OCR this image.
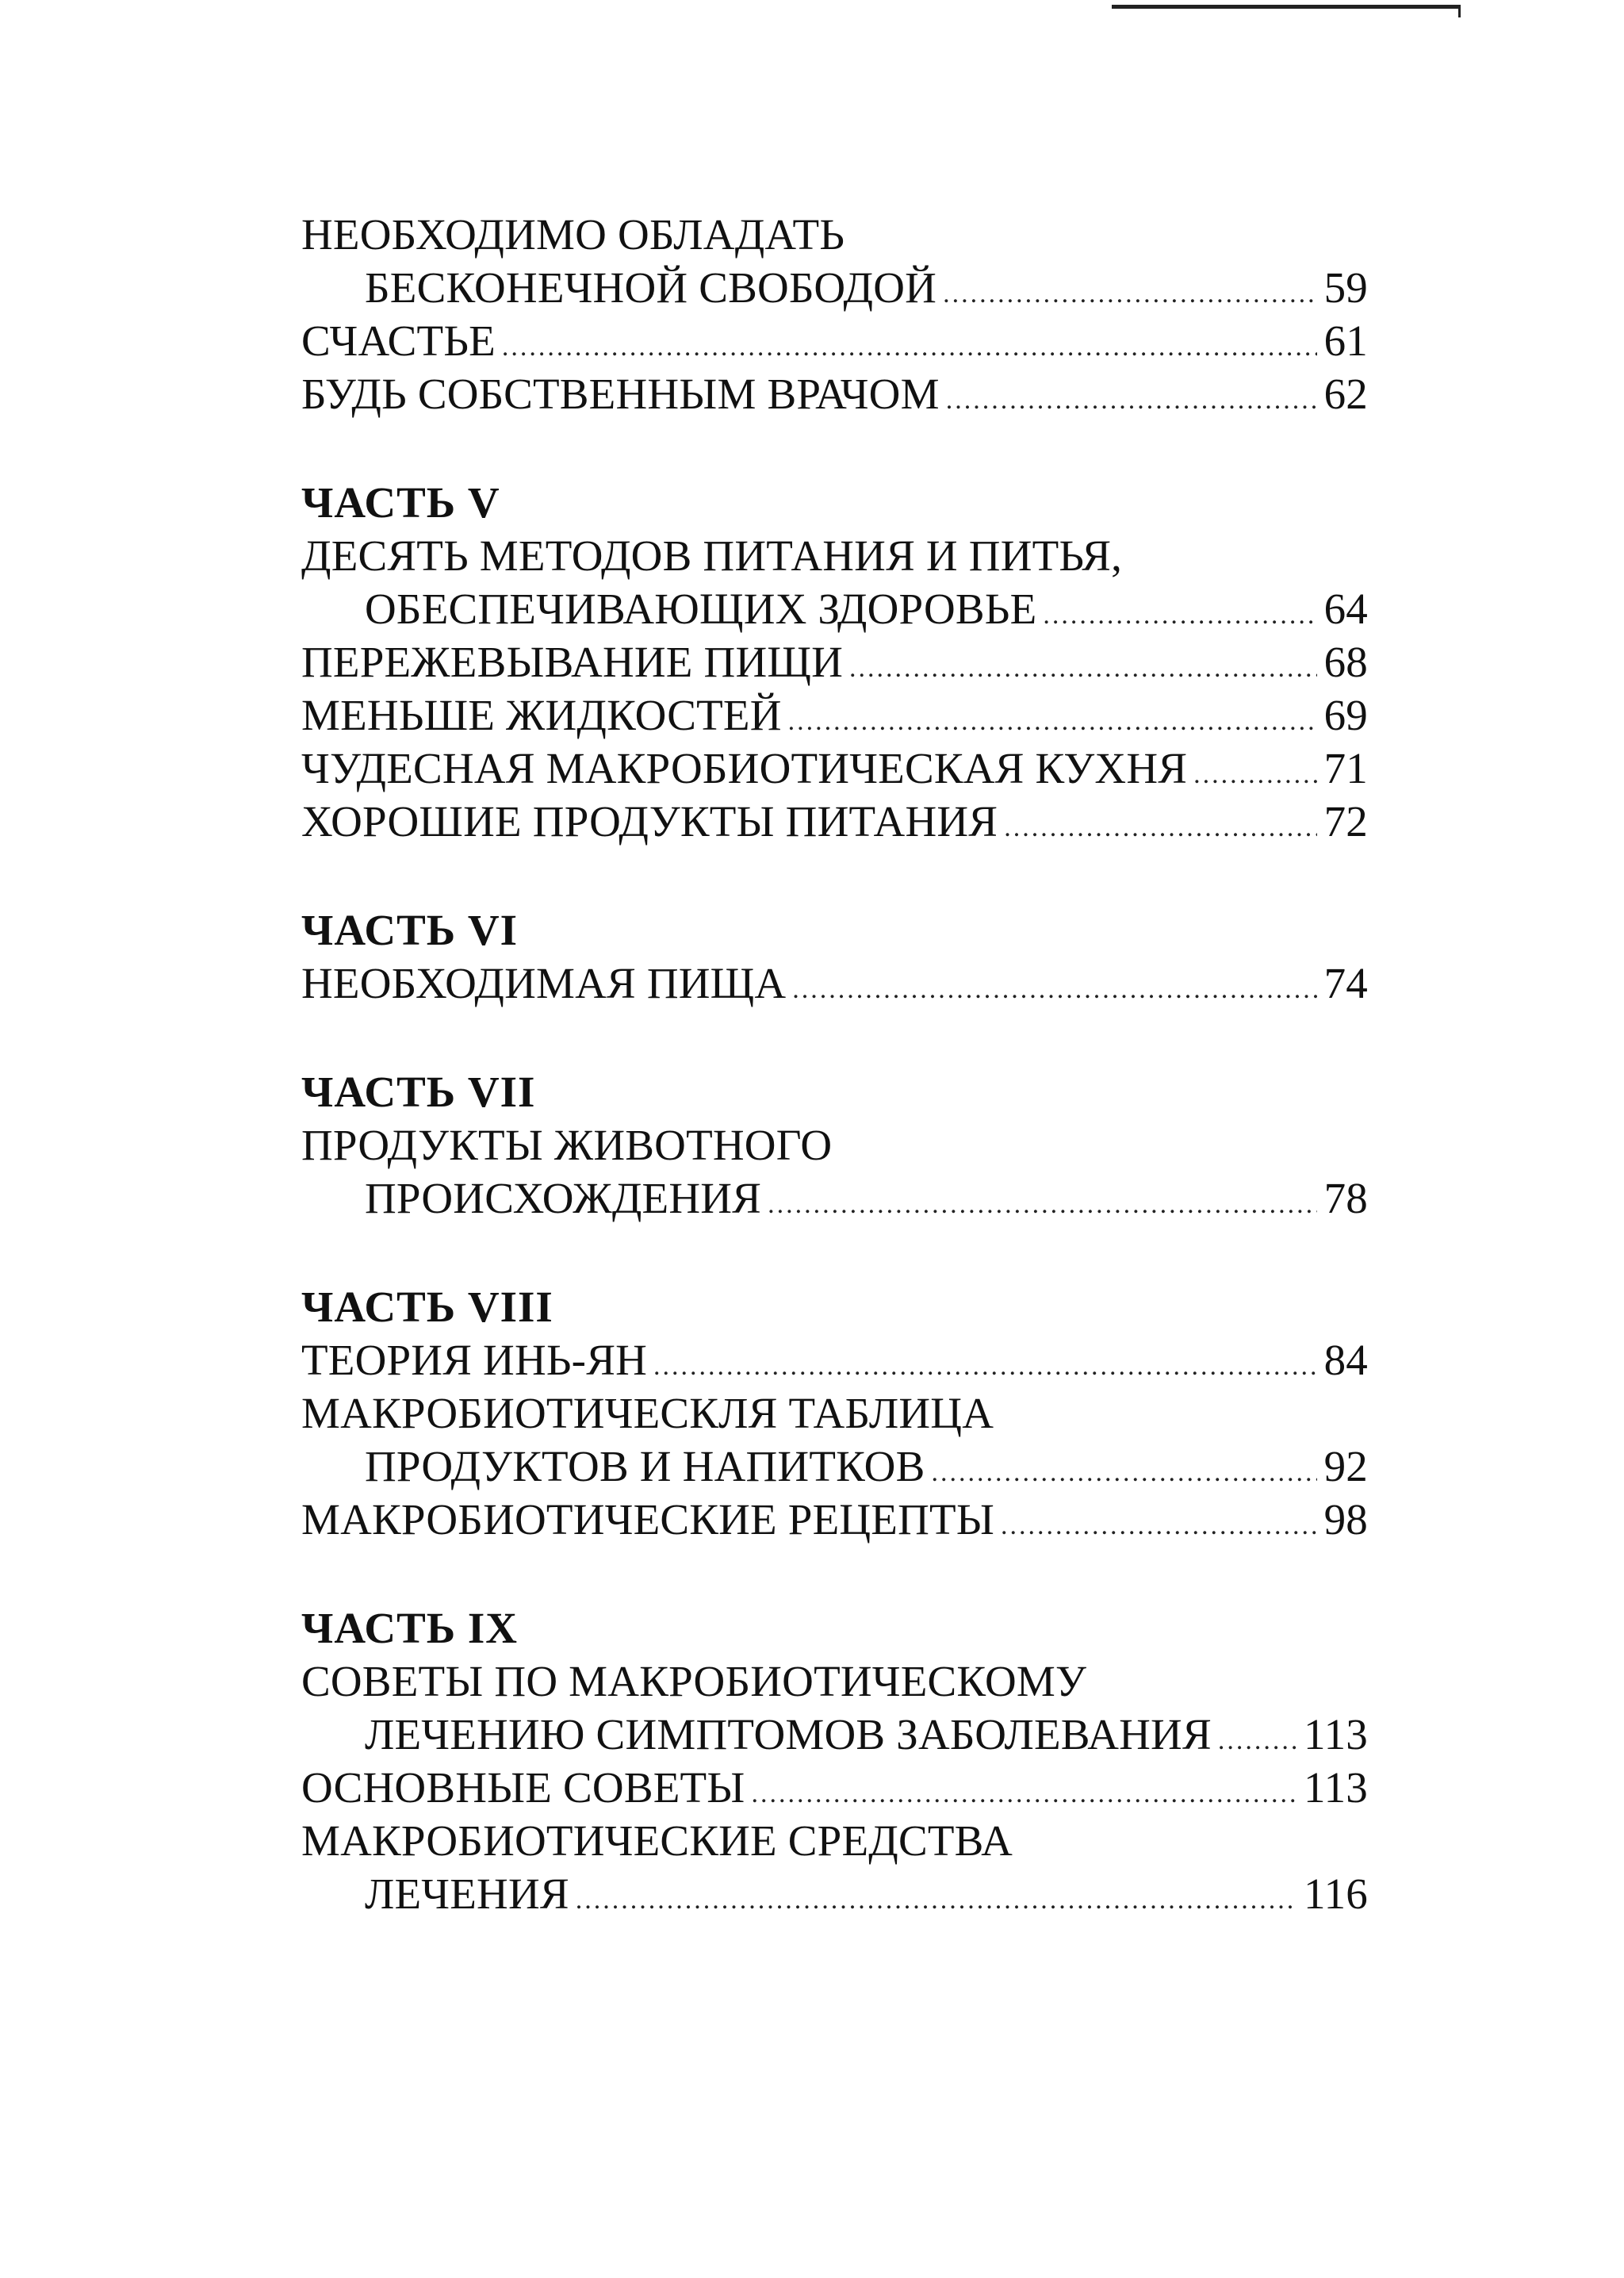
НЕОБХОДИМО ОБЛАДАТЬ
БЕСКОНЕЧНОЙ СВОБОДОЙ .....	59
СЧАСТЬЕ .....	61
БУДЬ СОБСТВЕННЫМ ВРАЧОМ .....	62
ЧАСТЬ V
ДЕСЯТЬ МЕТОДОВ ПИТАНИЯ И ПИТЬЯ,
ОБЕСПЕЧИВАЮЩИХ ЗДОРОВЬЕ .....	64
ПЕРЕЖЕВЫВАНИЕ ПИЩИ .....	68
МЕНЬШЕ ЖИДКОСТЕЙ .....	69
ЧУДЕСНАЯ МАКРОБИОТИЧЕСКАЯ КУХНЯ .....	71
ХОРОШИЕ ПРОДУКТЫ ПИТАНИЯ .....	72
ЧАСТЬ VI
НЕОБХОДИМАЯ ПИЩА .....	74
ЧАСТЬ VII
ПРОДУКТЫ ЖИВОТНОГО
ПРОИСХОЖДЕНИЯ .....	78
ЧАСТЬ VIII
ТЕОРИЯ ИНЬ-ЯН .....	84
МАКРОБИОТИЧЕСКЛЯ ТАБЛИЦА
ПРОДУКТОВ И НАПИТКОВ .....	92
МАКРОБИОТИЧЕСКИЕ РЕЦЕПТЫ .....	98
ЧАСТЬ IX
СОВЕТЫ ПО МАКРОБИОТИЧЕСКОМУ
ЛЕЧЕНИЮ СИМПТОМОВ ЗАБОЛЕВАНИЯ ..... 113
ОСНОВНЫЕ СОВЕТЫ .....	113
МАКРОБИОТИЧЕСКИЕ СРЕДСТВА
ЛЕЧЕНИЯ .....	116
